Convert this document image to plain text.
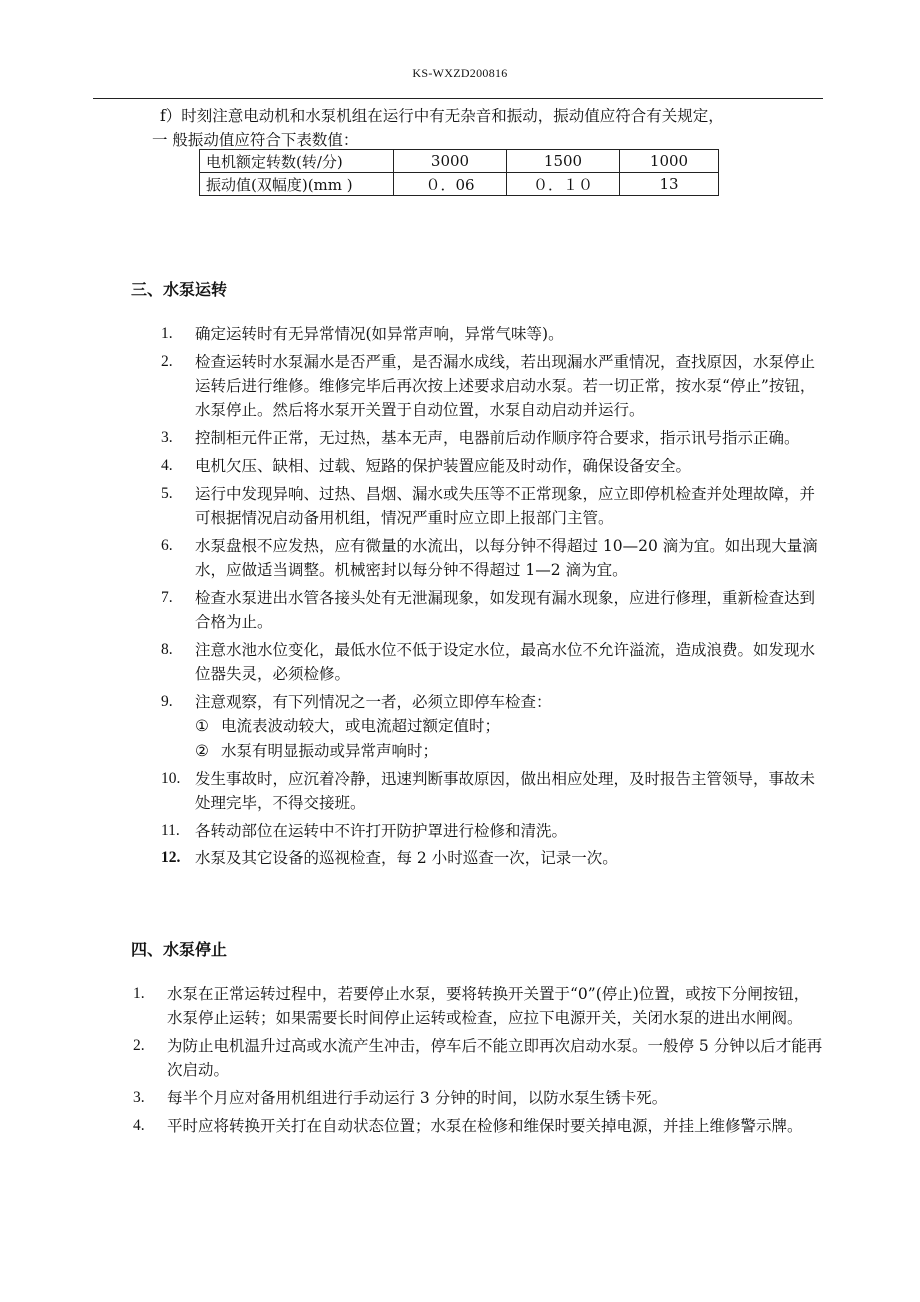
KS-WXZD200816
f）时刻注意电动机和水泵机组在运行中有无杂音和振动，振动值应符合有关规定，
一 般振动值应符合下表数值：
电机额定转数(转/分)	3000	1500	1000
振动值(双幅度)(mm )	０．06	０．１０	13
三、水泵运转
1.	确定运转时有无异常情况(如异常声响，异常气味等)。
2.	检查运转时水泵漏水是否严重，是否漏水成线，若出现漏水严重情况，查找原因，水泵停止运转后进行维修。维修完毕后再次按上述要求启动水泵。若一切正常，按水泵“停止”按钮，水泵停止。然后将水泵开关置于自动位置，水泵自动启动并运行。
3.	控制柜元件正常，无过热，基本无声，电器前后动作顺序符合要求，指示讯号指示正确。
4.	电机欠压、缺相、过载、短路的保护装置应能及时动作，确保设备安全。
5.	运行中发现异响、过热、昌烟、漏水或失压等不正常现象，应立即停机检查并处理故障，并可根据情况启动备用机组，情况严重时应立即上报部门主管。
6.	水泵盘根不应发热，应有微量的水流出，以每分钟不得超过 10—20 滴为宜。如出现大量滴水，应做适当调整。机械密封以每分钟不得超过 1—2 滴为宜。
7.	检查水泵进出水管各接头处有无泄漏现象，如发现有漏水现象，应进行修理，重新检查达到合格为止。
8.	注意水池水位变化，最低水位不低于设定水位，最高水位不允许溢流，造成浪费。如发现水位器失灵，必须检修。
9.	注意观察，有下列情况之一者，必须立即停车检查：
① 电流表波动较大，或电流超过额定值时；
② 水泵有明显振动或异常声响时；
10. 发生事故时，应沉着冷静，迅速判断事故原因，做出相应处理，及时报告主管领导，事故未处理完毕，不得交接班。
11. 各转动部位在运转中不许打开防护罩进行检修和清洗。
12. 水泵及其它设备的巡视检查，每 2 小时巡查一次，记录一次。
四、水泵停止
1.	水泵在正常运转过程中，若要停止水泵，要将转换开关置于“0”(停止)位置，或按下分闸按钮，水泵停止运转；如果需要长时间停止运转或检查，应拉下电源开关，关闭水泵的进出水闸阀。
2.	为防止电机温升过高或水流产生冲击，停车后不能立即再次启动水泵。一般停 5 分钟以后才能再次启动。
3.	每半个月应对备用机组进行手动运行 3 分钟的时间，以防水泵生锈卡死。
4.	平时应将转换开关打在自动状态位置；水泵在检修和维保时要关掉电源，并挂上维修警示牌。
